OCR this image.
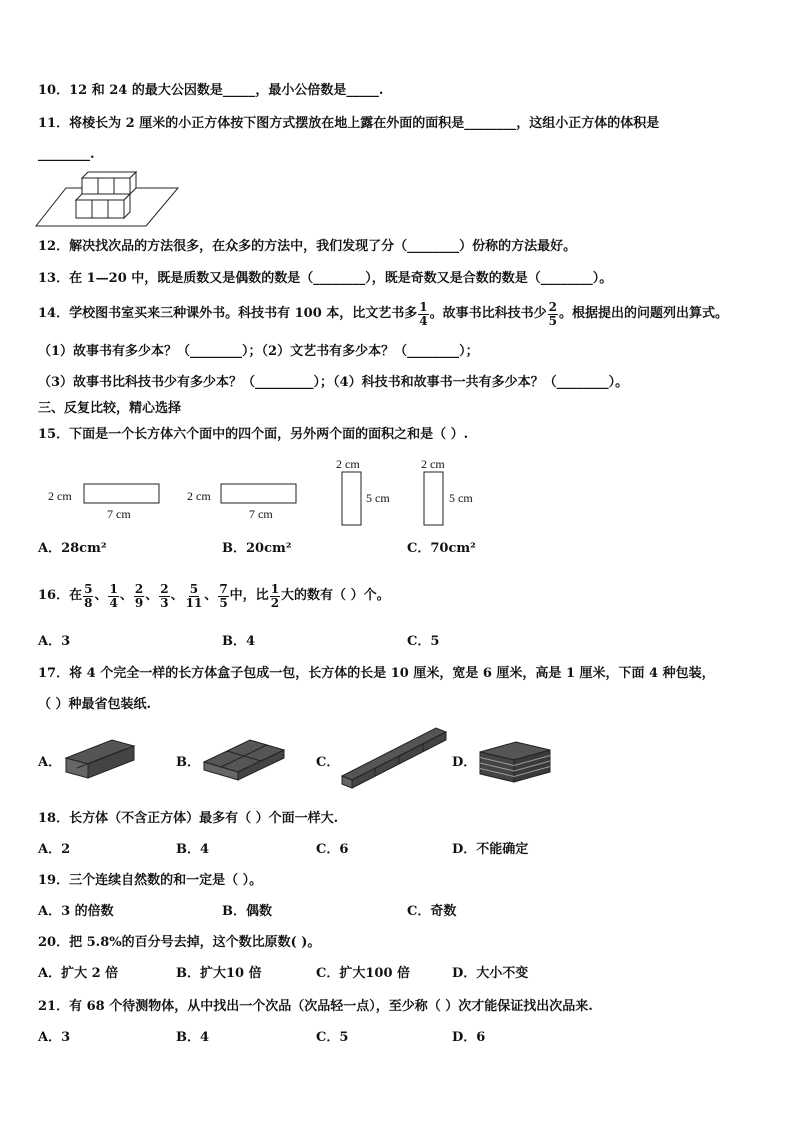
10．12 和 24 的最大公因数是_____，最小公倍数是_____.
11．将棱长为 2 厘米的小正方体按下图方式摆放在地上露在外面的面积是________，这组小正方体的体积是
________.
12．解决找次品的方法很多，在众多的方法中，我们发现了分（________）份称的方法最好。
13．在 1—20 中，既是质数又是偶数的数是（________），既是奇数又是合数的数是（________）。
14．学校图书室买来三种课外书。科技书有 100 本，比文艺书多 $\frac{1}{4}$ 。故事书比科技书少 $\frac{2}{5}$ 。根据提出的问题列出算式。
（1）故事书有多少本？（________）；（2）文艺书有多少本？（________）；
（3）故事书比科技书少有多少本？（_________）；（4）科技书和故事书一共有多少本？（________）。
三、反复比较，精心选择
15．下面是一个长方体六个面中的四个面，另外两个面的面积之和是（ ）.
2 cm
7 cm
2 cm
7 cm
2 cm
5 cm
2 cm
5 cm
A．28cm²	B．20cm²	C．70cm²
16．在 $\frac{5}{8}$ 、 $\frac{1}{4}$ 、 $\frac{2}{9}$ 、 $\frac{2}{3}$ 、 $\frac{5}{11}$ 、 $\frac{7}{5}$ 中，比 $\frac{1}{2}$ 大的数有（ ）个。
A．3	B．4	C．5
17．将 4 个完全一样的长方体盒子包成一包，长方体的长是 10 厘米，宽是 6 厘米，高是 1 厘米，下面 4 种包装，
（ ）种最省包装纸.
A．	B．	C．	D．
18．长方体（不含正方体）最多有（ ）个面一样大.
A．2	B．4	C．6	D．不能确定
19．三个连续自然数的和一定是（ ）。
A．3 的倍数	B．偶数	C．奇数
20．把 5.8%的百分号去掉，这个数比原数( )。
A．扩大 2 倍	B．扩大10 倍	C．扩大100 倍	D．大小不变
21．有 68 个待测物体，从中找出一个次品（次品轻一点），至少称（ ）次才能保证找出次品来.
A．3	B．4	C．5	D．6
